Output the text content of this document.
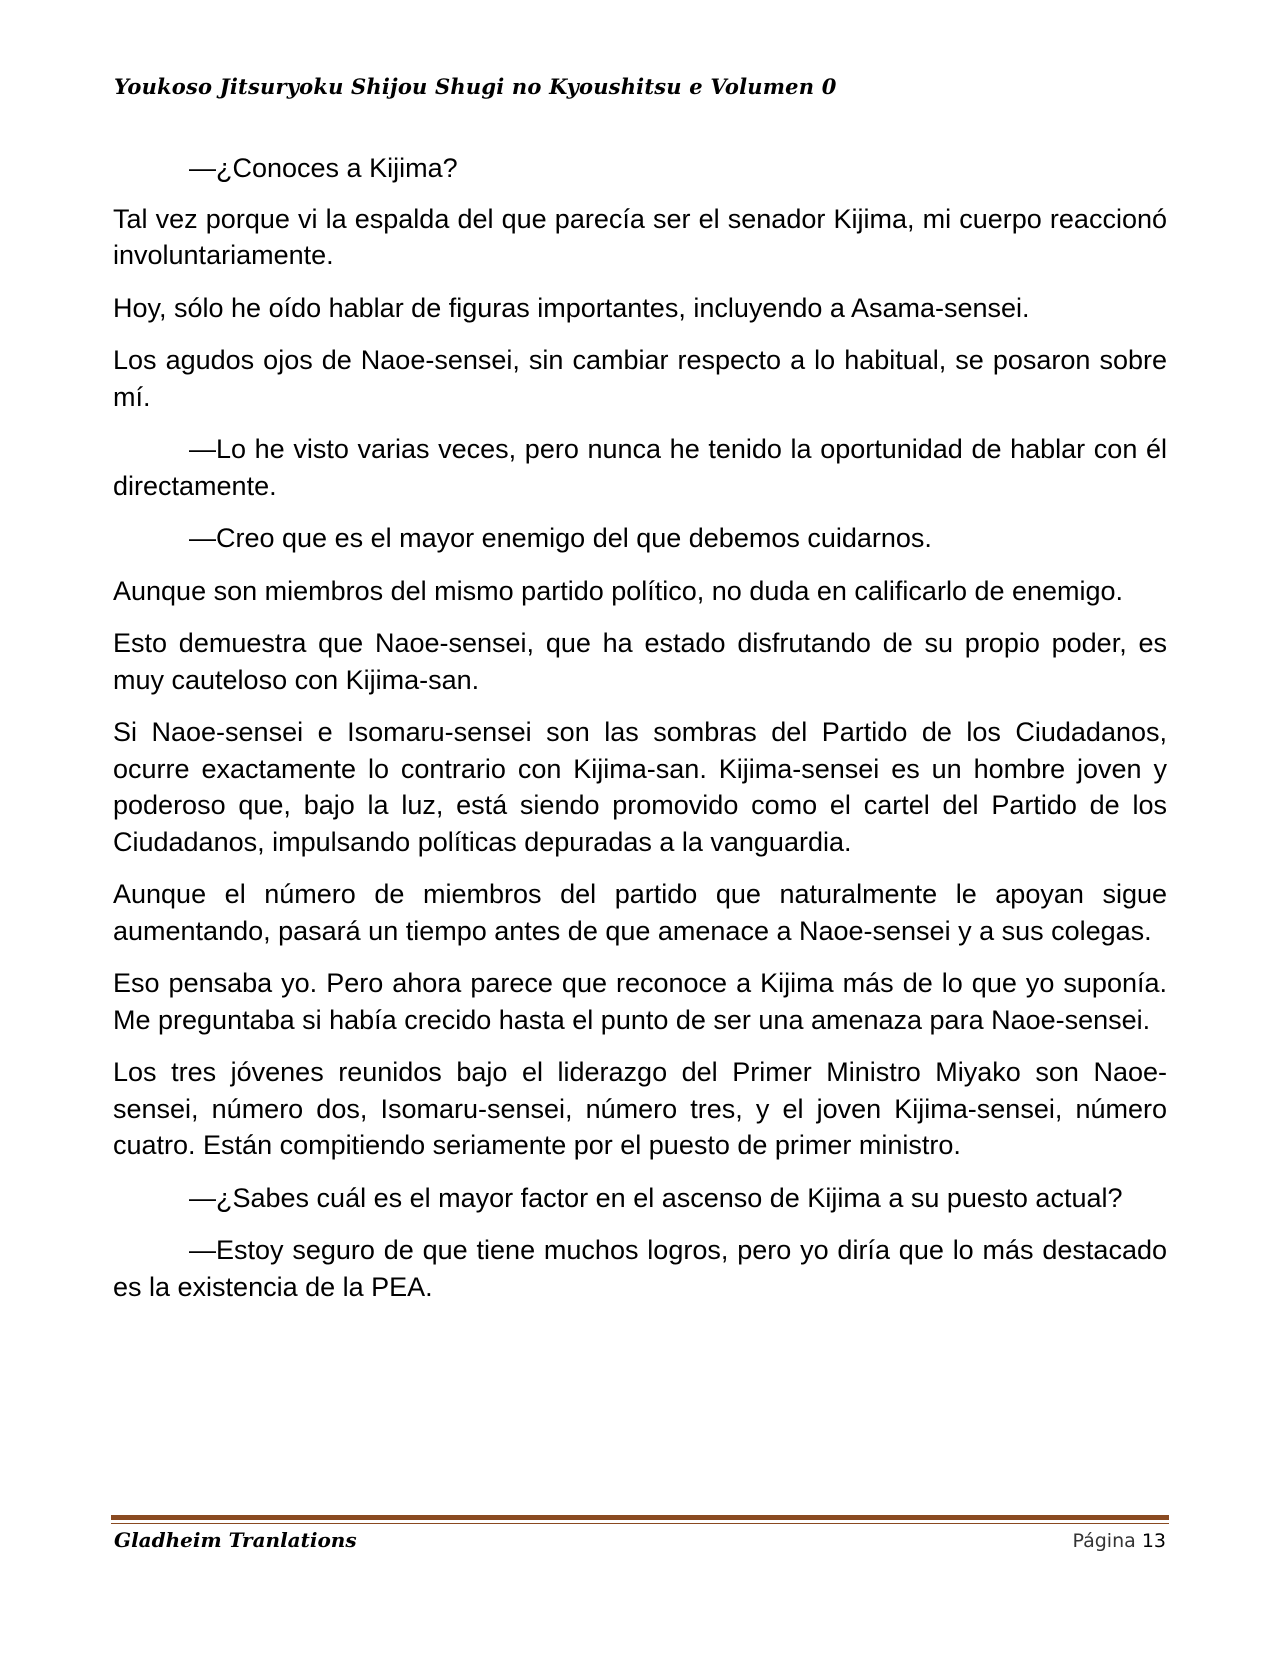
Youkoso Jitsuryoku Shijou Shugi no Kyoushitsu e Volumen 0

—¿Conoces a Kijima?

Tal vez porque vi la espalda del que parecía ser el senador Kijima, mi cuerpo reaccionó involuntariamente.

Hoy, sólo he oído hablar de figuras importantes, incluyendo a Asama-sensei.

Los agudos ojos de Naoe-sensei, sin cambiar respecto a lo habitual, se posaron sobre mí.

—Lo he visto varias veces, pero nunca he tenido la oportunidad de hablar con él directamente.

—Creo que es el mayor enemigo del que debemos cuidarnos.

Aunque son miembros del mismo partido político, no duda en calificarlo de enemigo.

Esto demuestra que Naoe-sensei, que ha estado disfrutando de su propio poder, es muy cauteloso con Kijima-san.

Si Naoe-sensei e Isomaru-sensei son las sombras del Partido de los Ciudadanos, ocurre exactamente lo contrario con Kijima-san. Kijima-sensei es un hombre joven y poderoso que, bajo la luz, está siendo promovido como el cartel del Partido de los Ciudadanos, impulsando políticas depuradas a la vanguardia.

Aunque el número de miembros del partido que naturalmente le apoyan sigue aumentando, pasará un tiempo antes de que amenace a Naoe-sensei y a sus colegas.

Eso pensaba yo. Pero ahora parece que reconoce a Kijima más de lo que yo suponía. Me preguntaba si había crecido hasta el punto de ser una amenaza para Naoe-sensei.

Los tres jóvenes reunidos bajo el liderazgo del Primer Ministro Miyako son Naoe-sensei, número dos, Isomaru-sensei, número tres, y el joven Kijima-sensei, número cuatro. Están compitiendo seriamente por el puesto de primer ministro.

—¿Sabes cuál es el mayor factor en el ascenso de Kijima a su puesto actual?

—Estoy seguro de que tiene muchos logros, pero yo diría que lo más destacado es la existencia de la PEA.

Gladheim Tranlations	Página 13
